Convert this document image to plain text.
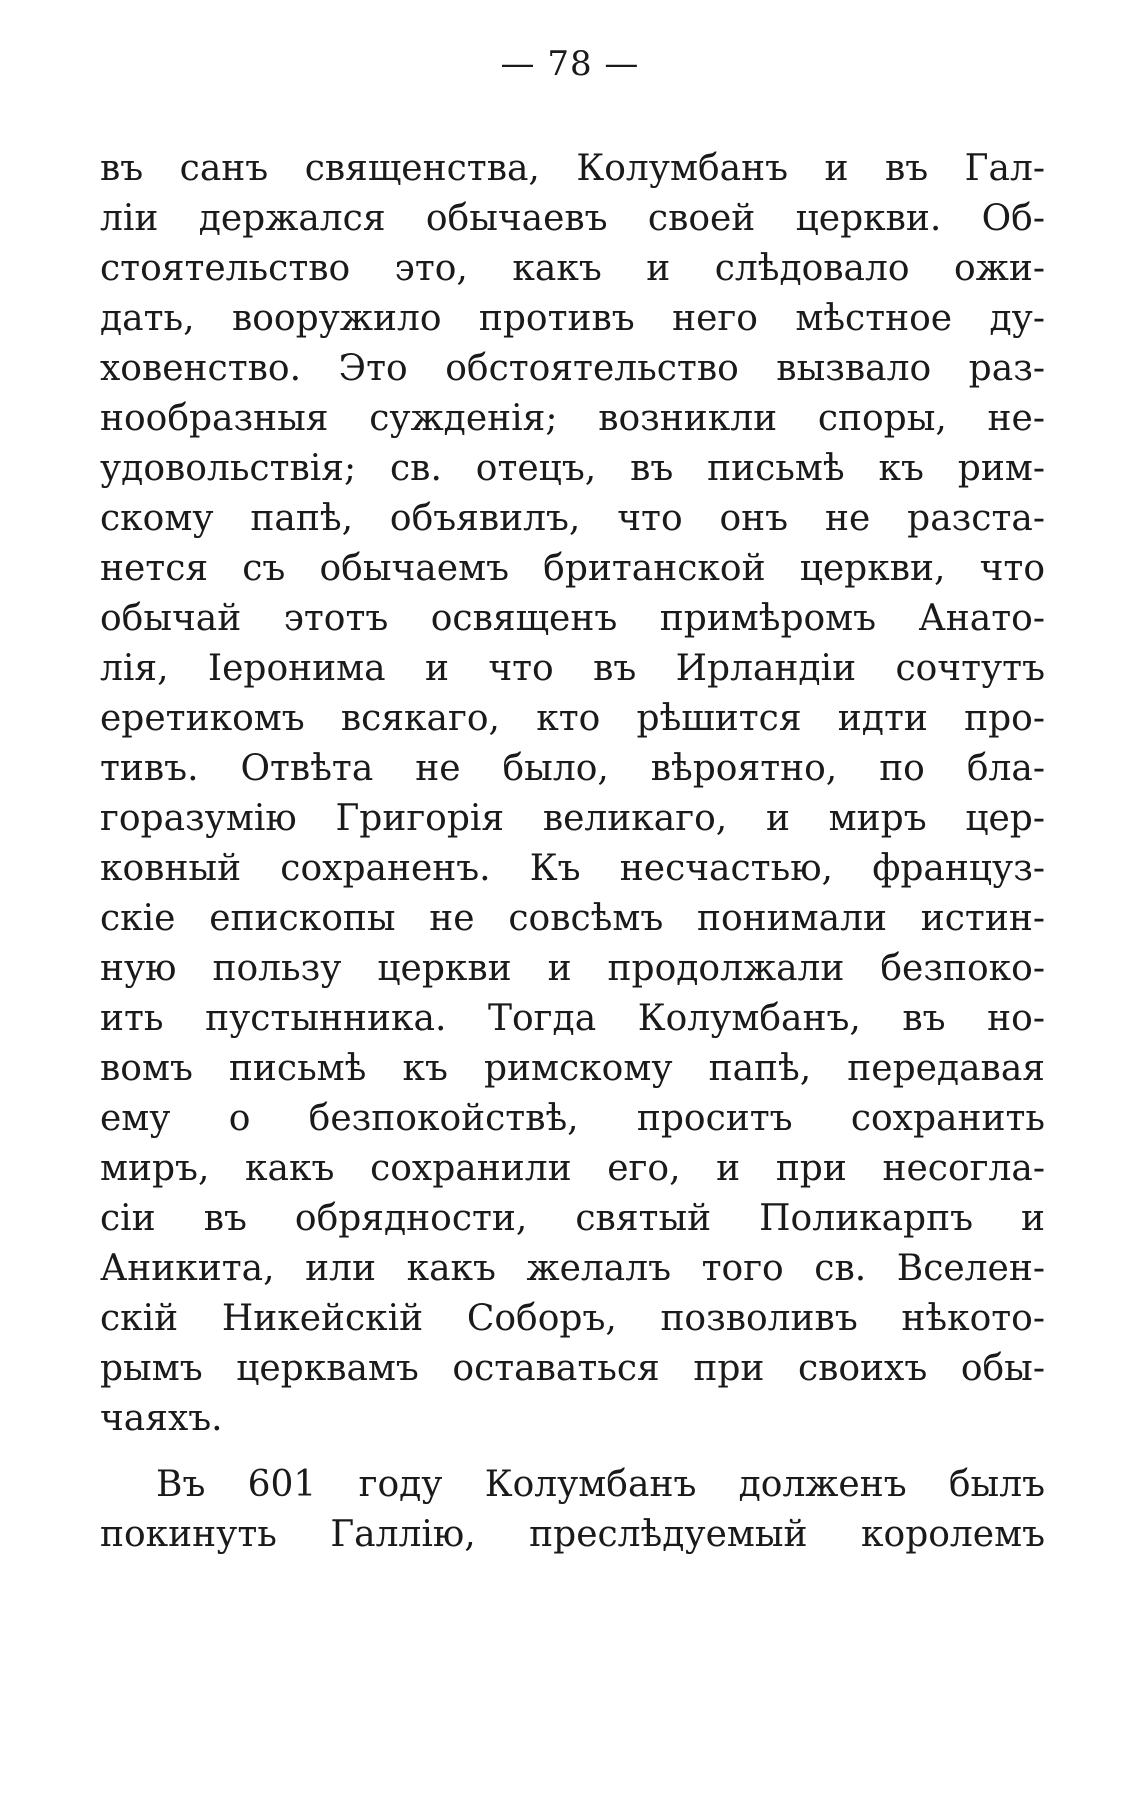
— 78 —
въ санъ священства, Колумбанъ и въ Гал-
ліи держался обычаевъ своей церкви. Об-
стоятельство это, какъ и слѣдовало ожи-
дать, вооружило противъ него мѣстное ду-
ховенство. Это обстоятельство вызвало раз-
нообразныя сужденія; возникли споры, не-
удовольствія; св. отецъ, въ письмѣ къ рим-
скому папѣ, объявилъ, что онъ не разста-
нется съ обычаемъ британской церкви, что
обычай этотъ освященъ примѣромъ Анато-
лія, Іеронима и что въ Ирландіи сочтутъ
еретикомъ всякаго, кто рѣшится идти про-
тивъ. Отвѣта не было, вѣроятно, по бла-
горазумію Григорія великаго, и миръ цер-
ковный сохраненъ. Къ несчастью, француз-
скіе епископы не совсѣмъ понимали истин-
ную пользу церкви и продолжали безпоко-
ить пустынника. Тогда Колумбанъ, въ но-
вомъ письмѣ къ римскому папѣ, передавая
ему о безпокойствѣ, проситъ сохранить
миръ, какъ сохранили его, и при несогла-
сіи въ обрядности, святый Поликарпъ и
Аникита, или какъ желалъ того св. Вселен-
скій Никейскій Соборъ, позволивъ нѣкото-
рымъ церквамъ оставаться при своихъ обы-
чаяхъ.
Въ 601 году Колумбанъ долженъ былъ
покинуть Галлію, преслѣдуемый королемъ
